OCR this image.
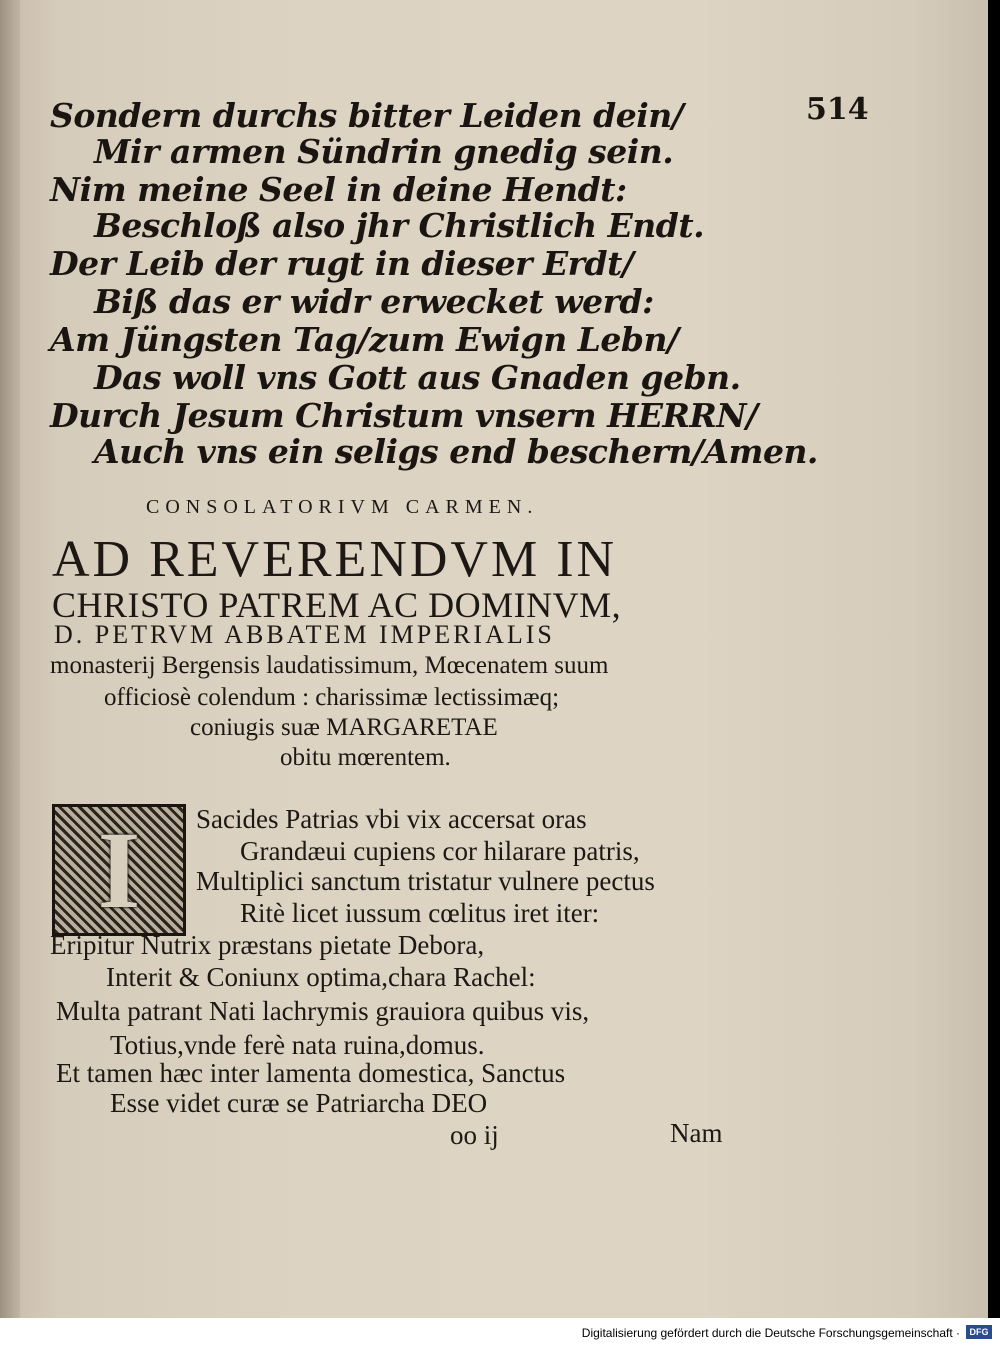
514
Sondern durchs bitter Leiden dein/
Mir armen Sündrin gnedig sein.
Nim meine Seel in deine Hendt:
Beschloß also jhr Christlich Endt.
Der Leib der rugt in dieser Erdt/
Biß das er widr erwecket werd:
Am Jüngsten Tag/zum Ewign Lebn/
Das woll vns Gott aus Gnaden gebn.
Durch Jesum Christum vnsern HERRN/
Auch vns ein seligs end beschern/Amen.
CONSOLATORIVM CARMEN.
AD REVERENDVM IN
CHRISTO PATREM AC DOMINVM,
D. PETRVM ABBATEM IMPERIALIS
monasterij Bergensis laudatissimum, Mœcenatem suum
officiosè colendum : charissimæ lectissimæq;
coniugis suæ MARGARETAE
obitu mœrentem.
I	Sacides Patrias vbi vix accersat oras
Grandæui cupiens cor hilarare patris,
Multiplici sanctum tristatur vulnere pectus
Ritè licet iussum cœlitus iret iter:
Eripitur Nutrix præstans pietate Debora,
Interit & Coniunx optima,chara Rachel:
Multa patrant Nati lachrymis grauiora quibus vis,
Totius,vnde ferè nata ruina,domus.
Et tamen hæc inter lamenta domestica, Sanctus
Esse videt curæ se Patriarcha DEO
oo ij	Nam
Digitalisierung gefördert durch die Deutsche Forschungsgemeinschaft ·	DFG
